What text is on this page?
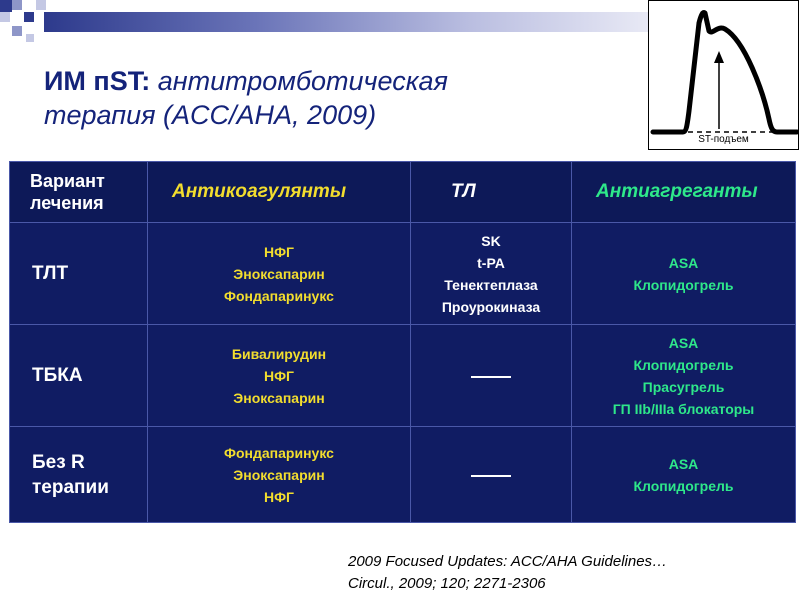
ИМ пST: антитромботическая
терапия (ACC/AHA, 2009)
ST-подъем
Вариант
лечения	Антикоагулянты	ТЛ	Антиагреганты

ТЛТ	НФГ
Эноксапарин
Фондапаринукс	SK
t-PA
Тенектеплаза
Проурокиназа	ASA
Клопидогрель

ТБКА	Бивалирудин
НФГ
Эноксапарин		ASA
Клопидогрель
Прасугрель
ГП IIb/IIIa блокаторы

Без R
терапии	Фондапаринукс
Эноксапарин
НФГ		ASA
Клопидогрель
2009 Focused Updates: ACC/AHA Guidelines…
Circul., 2009; 120; 2271-2306
